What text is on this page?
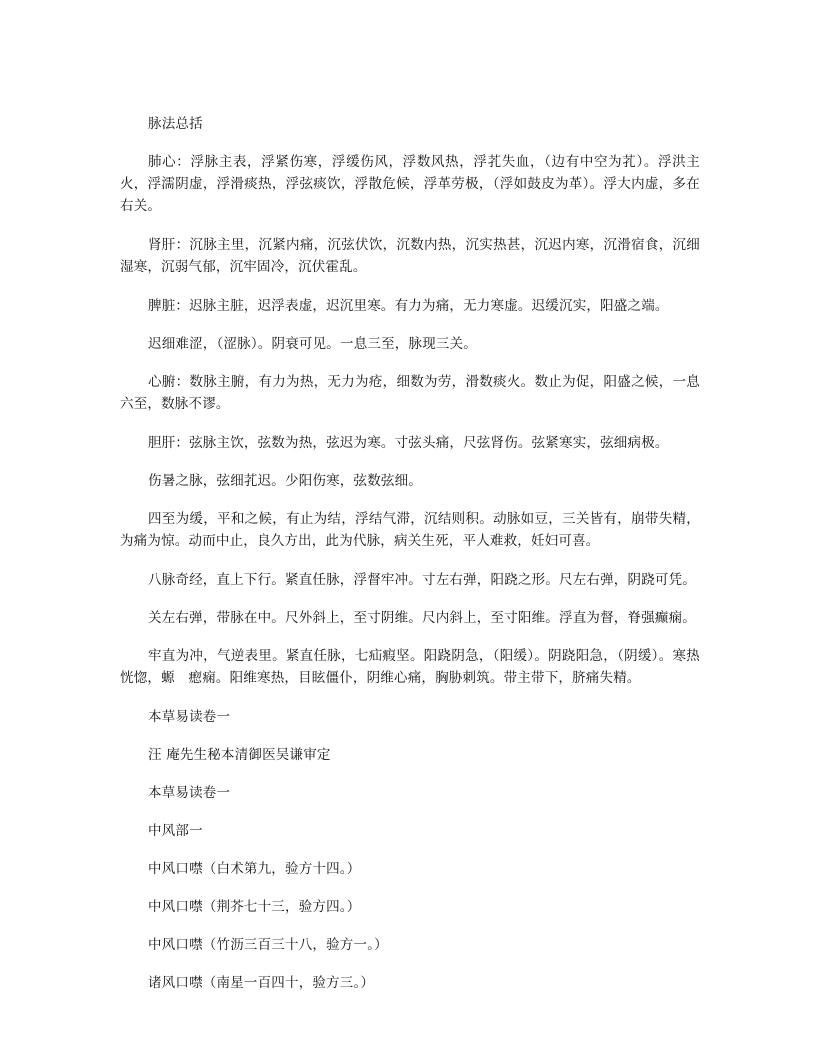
脉法总括

肺心：浮脉主表，浮紧伤寒，浮缓伤风，浮数风热，浮芤失血，（边有中空为芤）。浮洪主火，浮濡阴虚，浮滑痰热，浮弦痰饮，浮散危候，浮革劳极，（浮如鼓皮为革）。浮大内虚，多在右关。

肾肝：沉脉主里，沉紧内痛，沉弦伏饮，沉数内热，沉实热甚，沉迟内寒，沉滑宿食，沉细湿寒，沉弱气郁，沉牢固冷，沉伏霍乱。

脾脏：迟脉主脏，迟浮表虚，迟沉里寒。有力为痛，无力寒虚。迟缓沉实，阳盛之端。

迟细难涩，（涩脉）。阴衰可见。一息三至，脉现三关。

心腑：数脉主腑，有力为热，无力为疮，细数为劳，滑数痰火。数止为促，阳盛之候，一息六至，数脉不谬。

胆肝：弦脉主饮，弦数为热，弦迟为寒。寸弦头痛，尺弦肾伤。弦紧寒实，弦细病极。

伤暑之脉，弦细芤迟。少阳伤寒，弦数弦细。

四至为缓，平和之候，有止为结，浮结气滞，沉结则积。动脉如豆，三关皆有，崩带失精，为痛为惊。动而中止，良久方出，此为代脉，病关生死，平人难救，妊妇可喜。

八脉奇经，直上下行。紧直任脉，浮督牢冲。寸左右弹，阳跷之形。尺左右弹，阴跷可凭。

关左右弹，带脉在中。尺外斜上，至寸阴维。尺内斜上，至寸阳维。浮直为督，脊强癫痫。

牢直为冲，气逆表里。紧直任脉，七疝瘕坚。阳跷阴急，（阳缓）。阴跷阳急，（阴缓）。寒热恍惚，螈　瘛痫。阳维寒热，目眩僵仆，阴维心痛，胸胁刺筑。带主带下，脐痛失精。

本草易读卷一

汪 庵先生秘本清御医吴谦审定

本草易读卷一

中风部一

中风口噤（白术第九，验方十四。）

中风口噤（荆芥七十三，验方四。）

中风口噤（竹沥三百三十八，验方一。）

诸风口噤（南星一百四十，验方三。）
